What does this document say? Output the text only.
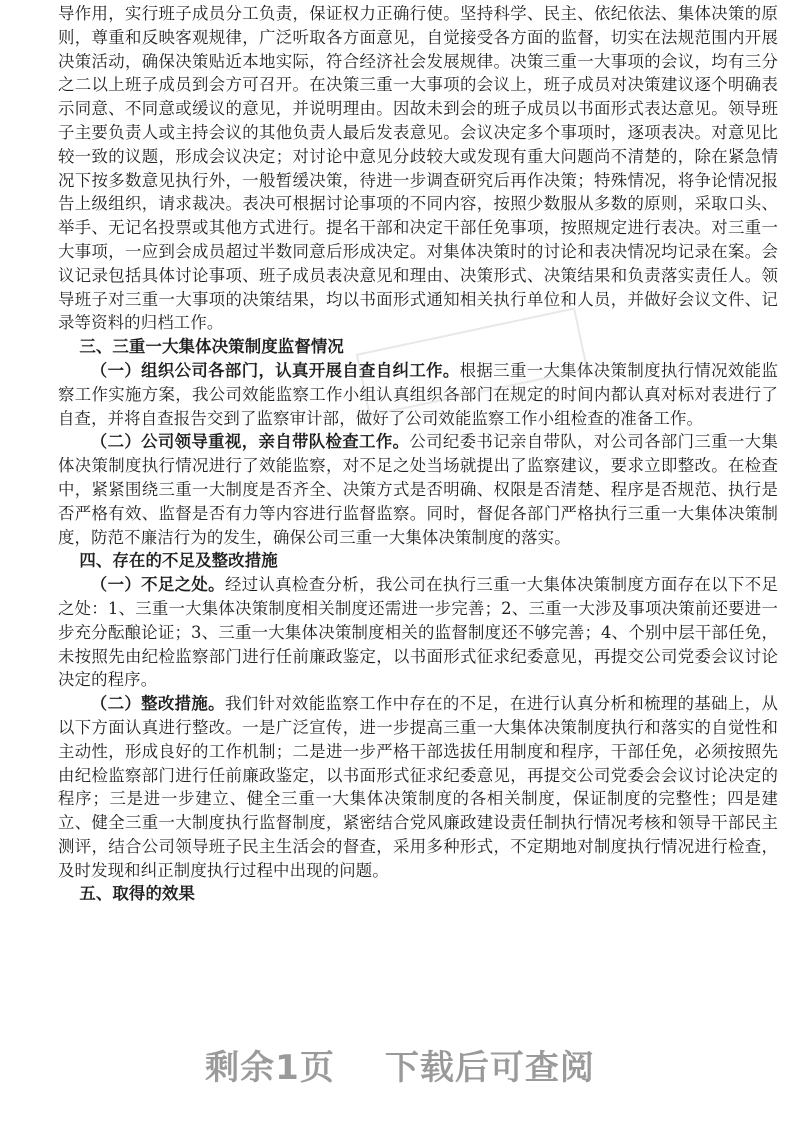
导作用，实行班子成员分工负责，保证权力正确行使。坚持科学、民主、依纪依法、集体决策的原则，尊重和反映客观规律，广泛听取各方面意见，自觉接受各方面的监督，切实在法规范围内开展决策活动，确保决策贴近本地实际，符合经济社会发展规律。决策三重一大事项的会议，均有三分之二以上班子成员到会方可召开。在决策三重一大事项的会议上，班子成员对决策建议逐个明确表示同意、不同意或缓议的意见，并说明理由。因故未到会的班子成员以书面形式表达意见。领导班子主要负责人或主持会议的其他负责人最后发表意见。会议决定多个事项时，逐项表决。对意见比较一致的议题，形成会议决定；对讨论中意见分歧较大或发现有重大问题尚不清楚的，除在紧急情况下按多数意见执行外，一般暂缓决策，待进一步调查研究后再作决策；特殊情况，将争论情况报告上级组织，请求裁决。表决可根据讨论事项的不同内容，按照少数服从多数的原则，采取口头、举手、无记名投票或其他方式进行。提名干部和决定干部任免事项，按照规定进行表决。对三重一大事项，一应到会成员超过半数同意后形成决定。对集体决策时的讨论和表决情况均记录在案。会议记录包括具体讨论事项、班子成员表决意见和理由、决策形式、决策结果和负责落实责任人。领导班子对三重一大事项的决策结果，均以书面形式通知相关执行单位和人员，并做好会议文件、记录等资料的归档工作。

三、三重一大集体决策制度监督情况

（一）组织公司各部门，认真开展自查自纠工作。根据三重一大集体决策制度执行情况效能监察工作实施方案，我公司效能监察工作小组认真组织各部门在规定的时间内都认真对标对表进行了自查，并将自查报告交到了监察审计部，做好了公司效能监察工作小组检查的准备工作。

（二）公司领导重视，亲自带队检查工作。公司纪委书记亲自带队，对公司各部门三重一大集体决策制度执行情况进行了效能监察，对不足之处当场就提出了监察建议，要求立即整改。在检查中，紧紧围绕三重一大制度是否齐全、决策方式是否明确、权限是否清楚、程序是否规范、执行是否严格有效、监督是否有力等内容进行监督监察。同时，督促各部门严格执行三重一大集体决策制度，防范不廉洁行为的发生，确保公司三重一大集体决策制度的落实。

四、存在的不足及整改措施

（一）不足之处。经过认真检查分析，我公司在执行三重一大集体决策制度方面存在以下不足之处：1、三重一大集体决策制度相关制度还需进一步完善；2、三重一大涉及事项决策前还要进一步充分酝酿论证；3、三重一大集体决策制度相关的监督制度还不够完善；4、个别中层干部任免，未按照先由纪检监察部门进行任前廉政鉴定，以书面形式征求纪委意见，再提交公司党委会议讨论决定的程序。

（二）整改措施。我们针对效能监察工作中存在的不足，在进行认真分析和梳理的基础上，从以下方面认真进行整改。一是广泛宣传，进一步提高三重一大集体决策制度执行和落实的自觉性和主动性，形成良好的工作机制；二是进一步严格干部选拔任用制度和程序，干部任免，必须按照先由纪检监察部门进行任前廉政鉴定，以书面形式征求纪委意见，再提交公司党委会会议讨论决定的程序；三是进一步建立、健全三重一大集体决策制度的各相关制度，保证制度的完整性；四是建立、健全三重一大制度执行监督制度，紧密结合党风廉政建设责任制执行情况考核和领导干部民主测评，结合公司领导班子民主生活会的督查，采用多种形式，不定期地对制度执行情况进行检查，及时发现和纠正制度执行过程中出现的问题。

五、取得的效果

剩余1页 下载后可查阅
